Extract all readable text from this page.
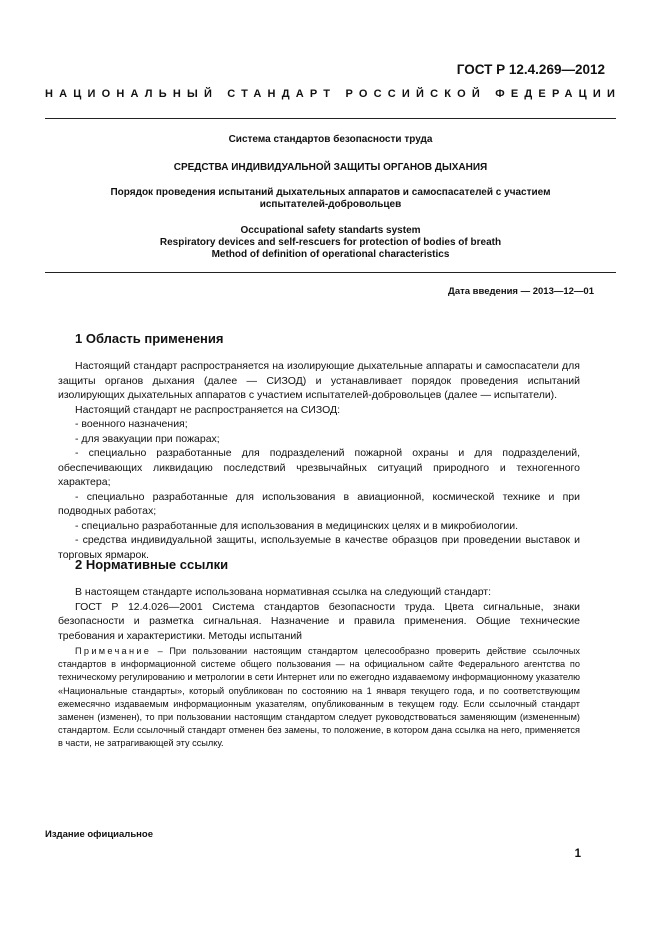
ГОСТ Р 12.4.269—2012
НАЦИОНАЛЬНЫЙ СТАНДАРТ РОССИЙСКОЙ ФЕДЕРАЦИИ
Система стандартов безопасности труда
СРЕДСТВА ИНДИВИДУАЛЬНОЙ ЗАЩИТЫ ОРГАНОВ ДЫХАНИЯ
Порядок проведения испытаний дыхательных аппаратов и самоспасателей с участием
испытателей-добровольцев
Occupational safety standarts system
Respiratory devices and self-rescuers for protection of bodies of breath
Method of definition of operational characteristics
Дата введения — 2013—12—01
1 Область применения

Настоящий стандарт распространяется на изолирующие дыхательные аппараты и самоспасатели для защиты органов дыхания (далее — СИЗОД) и устанавливает порядок проведения испытаний изолирующих дыхательных аппаратов с участием испытателей-добровольцев (далее — испытатели).

Настоящий стандарт не распространяется на СИЗОД:

- военного назначения;

- для эвакуации при пожарах;

- специально разработанные для подразделений пожарной охраны и для подразделений, обеспечивающих ликвидацию последствий чрезвычайных ситуаций природного и техногенного характера;

- специально разработанные для использования в авиационной, космической технике и при подводных работах;

- специально разработанные для использования в медицинских целях и в микробиологии.

- средства индивидуальной защиты, используемые в качестве образцов при проведении выставок и торговых ярмарок.

2 Нормативные ссылки

В настоящем стандарте использована нормативная ссылка на следующий стандарт:

ГОСТ Р 12.4.026—2001 Система стандартов безопасности труда. Цвета сигнальные, знаки безопасности и разметка сигнальная. Назначение и правила применения. Общие технические требования и характеристики. Методы испытаний

Примечание – При пользовании настоящим стандартом целесообразно проверить действие ссылочных стандартов в информационной системе общего пользования — на официальном сайте Федерального агентства по техническому регулированию и метрологии в сети Интернет или по ежегодно издаваемому информационному указателю «Национальные стандарты», который опубликован по состоянию на 1 января текущего года, и по соответствующим ежемесячно издаваемым информационным указателям, опубликованным в текущем году. Если ссылочный стандарт заменен (изменен), то при пользовании настоящим стандартом следует руководствоваться заменяющим (измененным) стандартом. Если ссылочный стандарт отменен без замены, то положение, в котором дана ссылка на него, применяется в части, не затрагивающей эту ссылку.

Издание официальное
1
